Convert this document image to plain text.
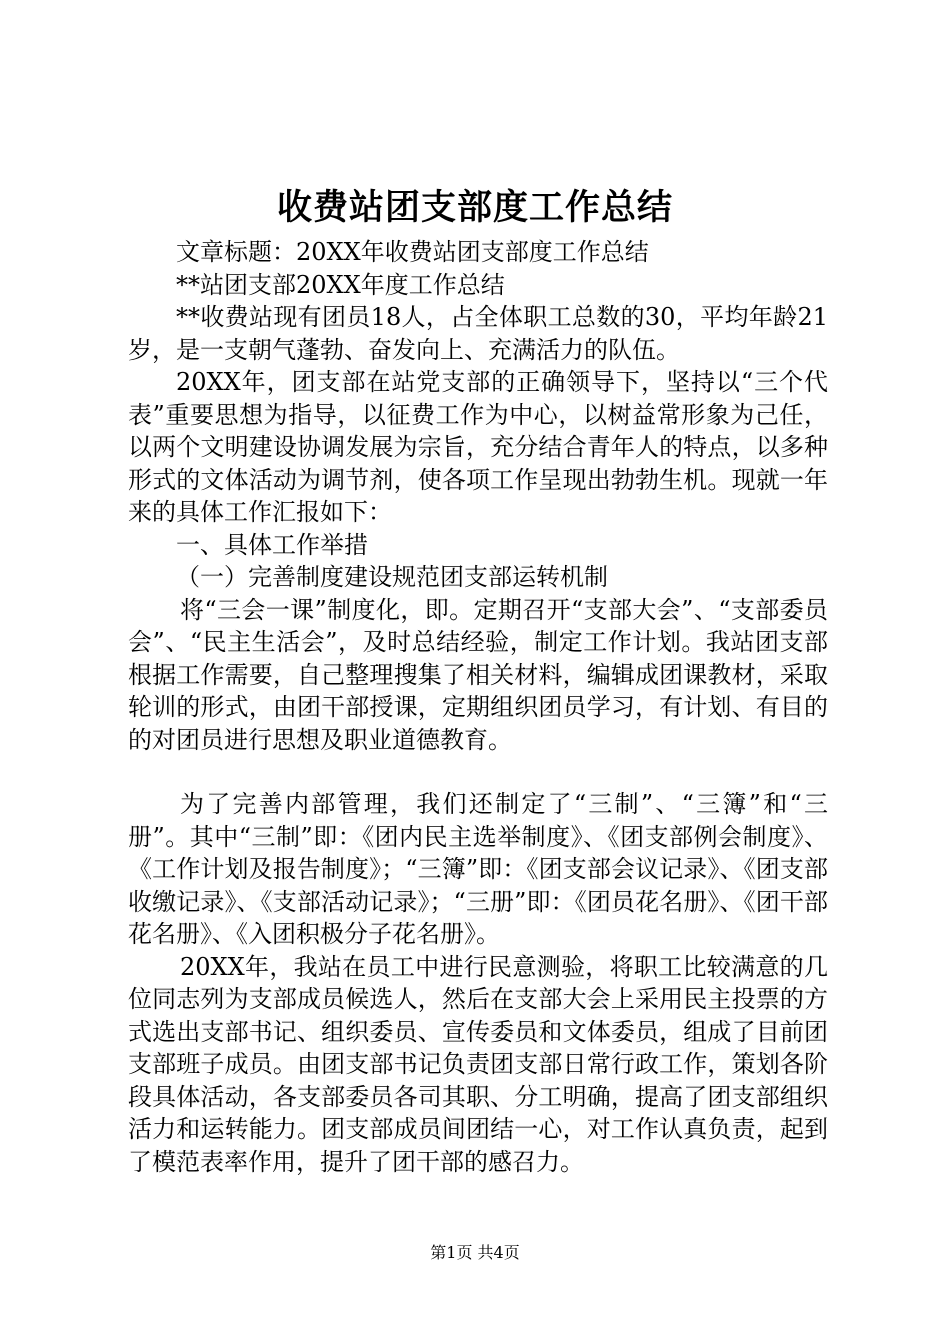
收费站团支部度工作总结

文章标题：20XX年收费站团支部度工作总结

**站团支部20XX年度工作总结

**收费站现有团员18人，占全体职工总数的30，平均年龄21岁，是一支朝气蓬勃、奋发向上、充满活力的队伍。

20XX年，团支部在站党支部的正确领导下，坚持以“三个代表”重要思想为指导，以征费工作为中心，以树益常形象为己任，以两个文明建设协调发展为宗旨，充分结合青年人的特点，以多种形式的文体活动为调节剂，使各项工作呈现出勃勃生机。现就一年来的具体工作汇报如下：

一、具体工作举措

（一）完善制度建设规范团支部运转机制

将“三会一课”制度化，即。定期召开“支部大会”、“支部委员会”、“民主生活会”，及时总结经验，制定工作计划。我站团支部根据工作需要，自己整理搜集了相关材料，编辑成团课教材，采取轮训的形式，由团干部授课，定期组织团员学习，有计划、有目的的对团员进行思想及职业道德教育。

为了完善内部管理，我们还制定了“三制”、“三簿”和“三册”。其中“三制”即：《团内民主选举制度》、《团支部例会制度》、《工作计划及报告制度》；“三簿”即：《团支部会议记录》、《团支部收缴记录》、《支部活动记录》；“三册”即：《团员花名册》、《团干部花名册》、《入团积极分子花名册》。

20XX年，我站在员工中进行民意测验，将职工比较满意的几位同志列为支部成员候选人，然后在支部大会上采用民主投票的方式选出支部书记、组织委员、宣传委员和文体委员，组成了目前团支部班子成员。由团支部书记负责团支部日常行政工作，策划各阶段具体活动，各支部委员各司其职、分工明确，提高了团支部组织活力和运转能力。团支部成员间团结一心，对工作认真负责，起到了模范表率作用，提升了团干部的感召力。

第1页 共4页
